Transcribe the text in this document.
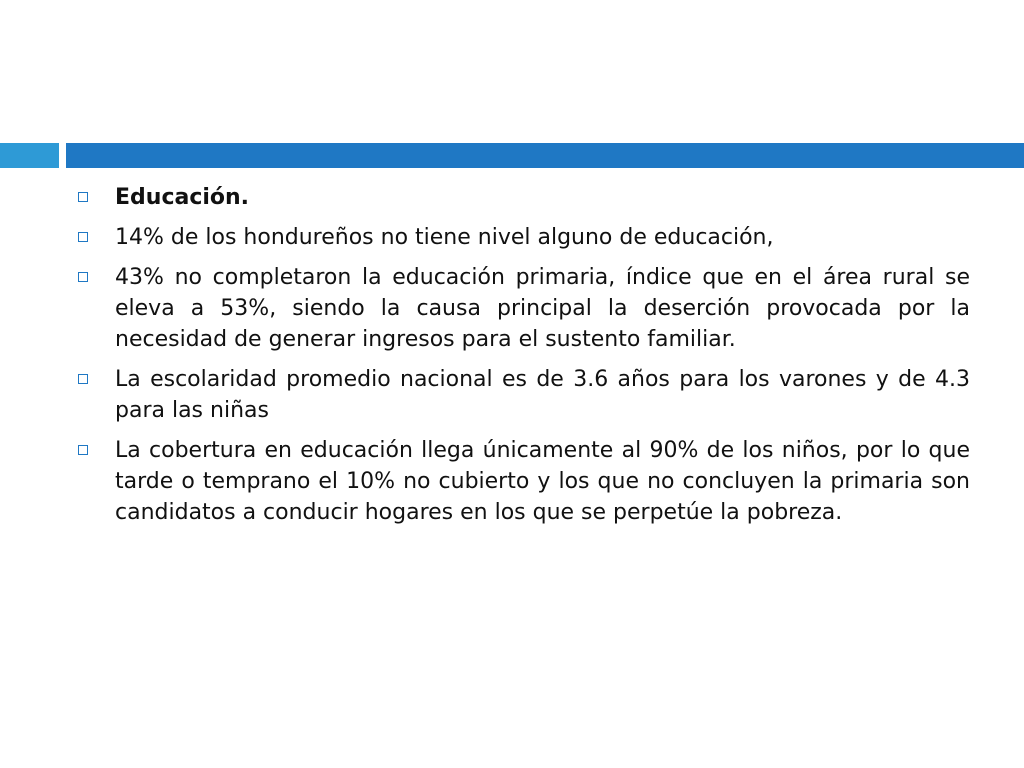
Educación.
14% de los hondureños no tiene nivel alguno de educación,
43% no completaron la educación primaria, índice que en el área rural se eleva a 53%, siendo la causa principal la deserción provocada por la necesidad de generar ingresos para el sustento familiar.
La escolaridad promedio nacional es de 3.6 años para los varones y de 4.3 para las niñas
La cobertura en educación llega únicamente al 90% de los niños, por lo que tarde o temprano el 10% no cubierto y los que no concluyen la primaria son candidatos a conducir hogares en los que se perpetúe la pobreza.
